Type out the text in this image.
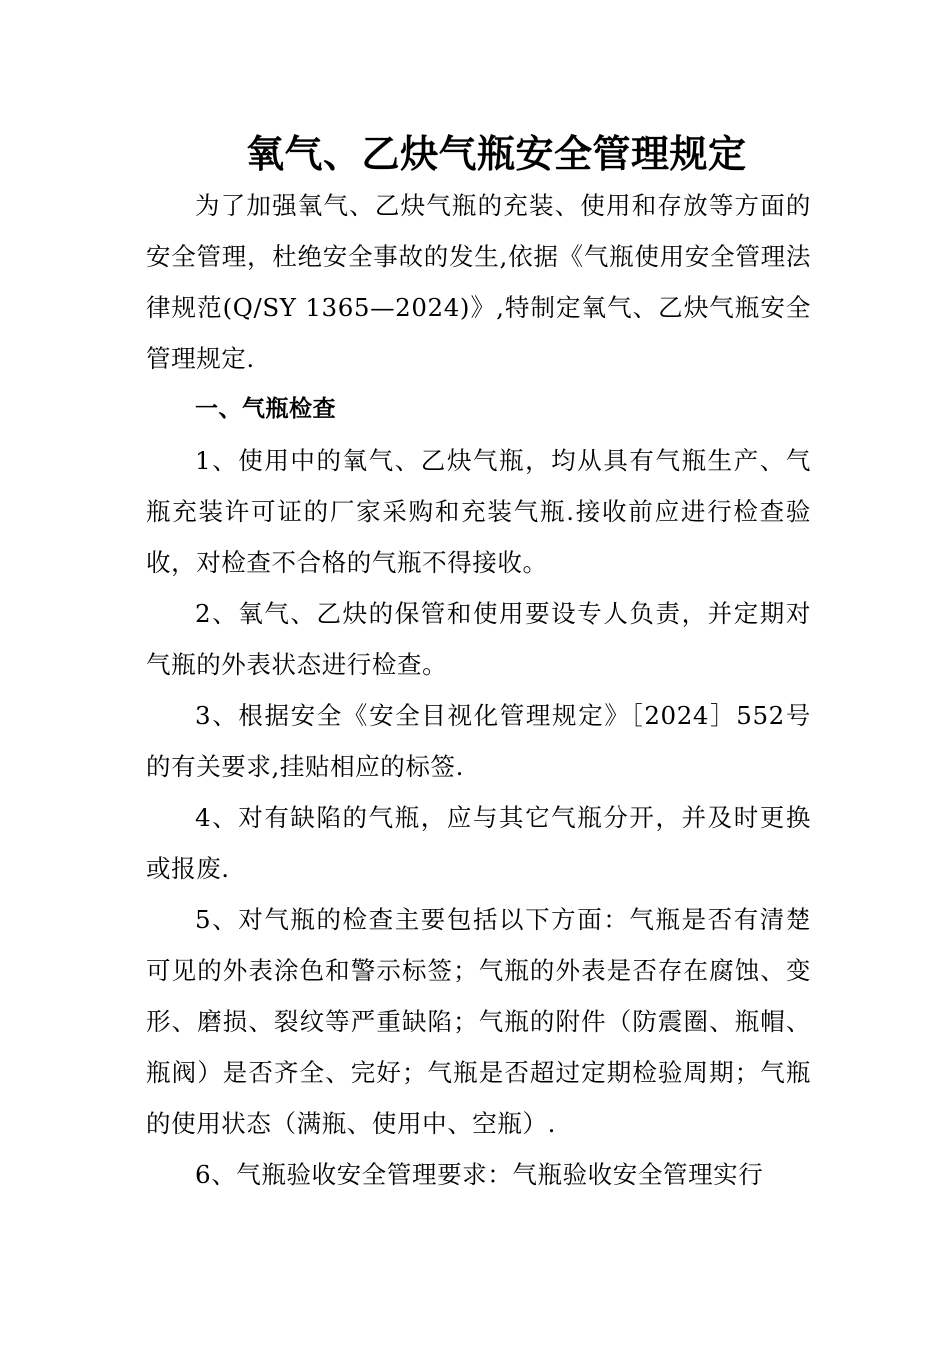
氧气、乙炔气瓶安全管理规定

为了加强氧气、乙炔气瓶的充装、使用和存放等方面的安全管理，杜绝安全事故的发生,依据《气瓶使用安全管理法律规范(Q/SY 1365—2024)》,特制定氧气、乙炔气瓶安全管理规定.

一、气瓶检查

1、使用中的氧气、乙炔气瓶，均从具有气瓶生产、气瓶充装许可证的厂家采购和充装气瓶.接收前应进行检查验收，对检查不合格的气瓶不得接收。

2、氧气、乙炔的保管和使用要设专人负责，并定期对气瓶的外表状态进行检查。

3、根据安全《安全目视化管理规定》［2024］552号的有关要求,挂贴相应的标签.

4、对有缺陷的气瓶，应与其它气瓶分开，并及时更换或报废.

5、对气瓶的检查主要包括以下方面：气瓶是否有清楚可见的外表涂色和警示标签；气瓶的外表是否存在腐蚀、变形、磨损、裂纹等严重缺陷；气瓶的附件（防震圈、瓶帽、瓶阀）是否齐全、完好；气瓶是否超过定期检验周期；气瓶的使用状态（满瓶、使用中、空瓶）.

6、气瓶验收安全管理要求：气瓶验收安全管理实行
